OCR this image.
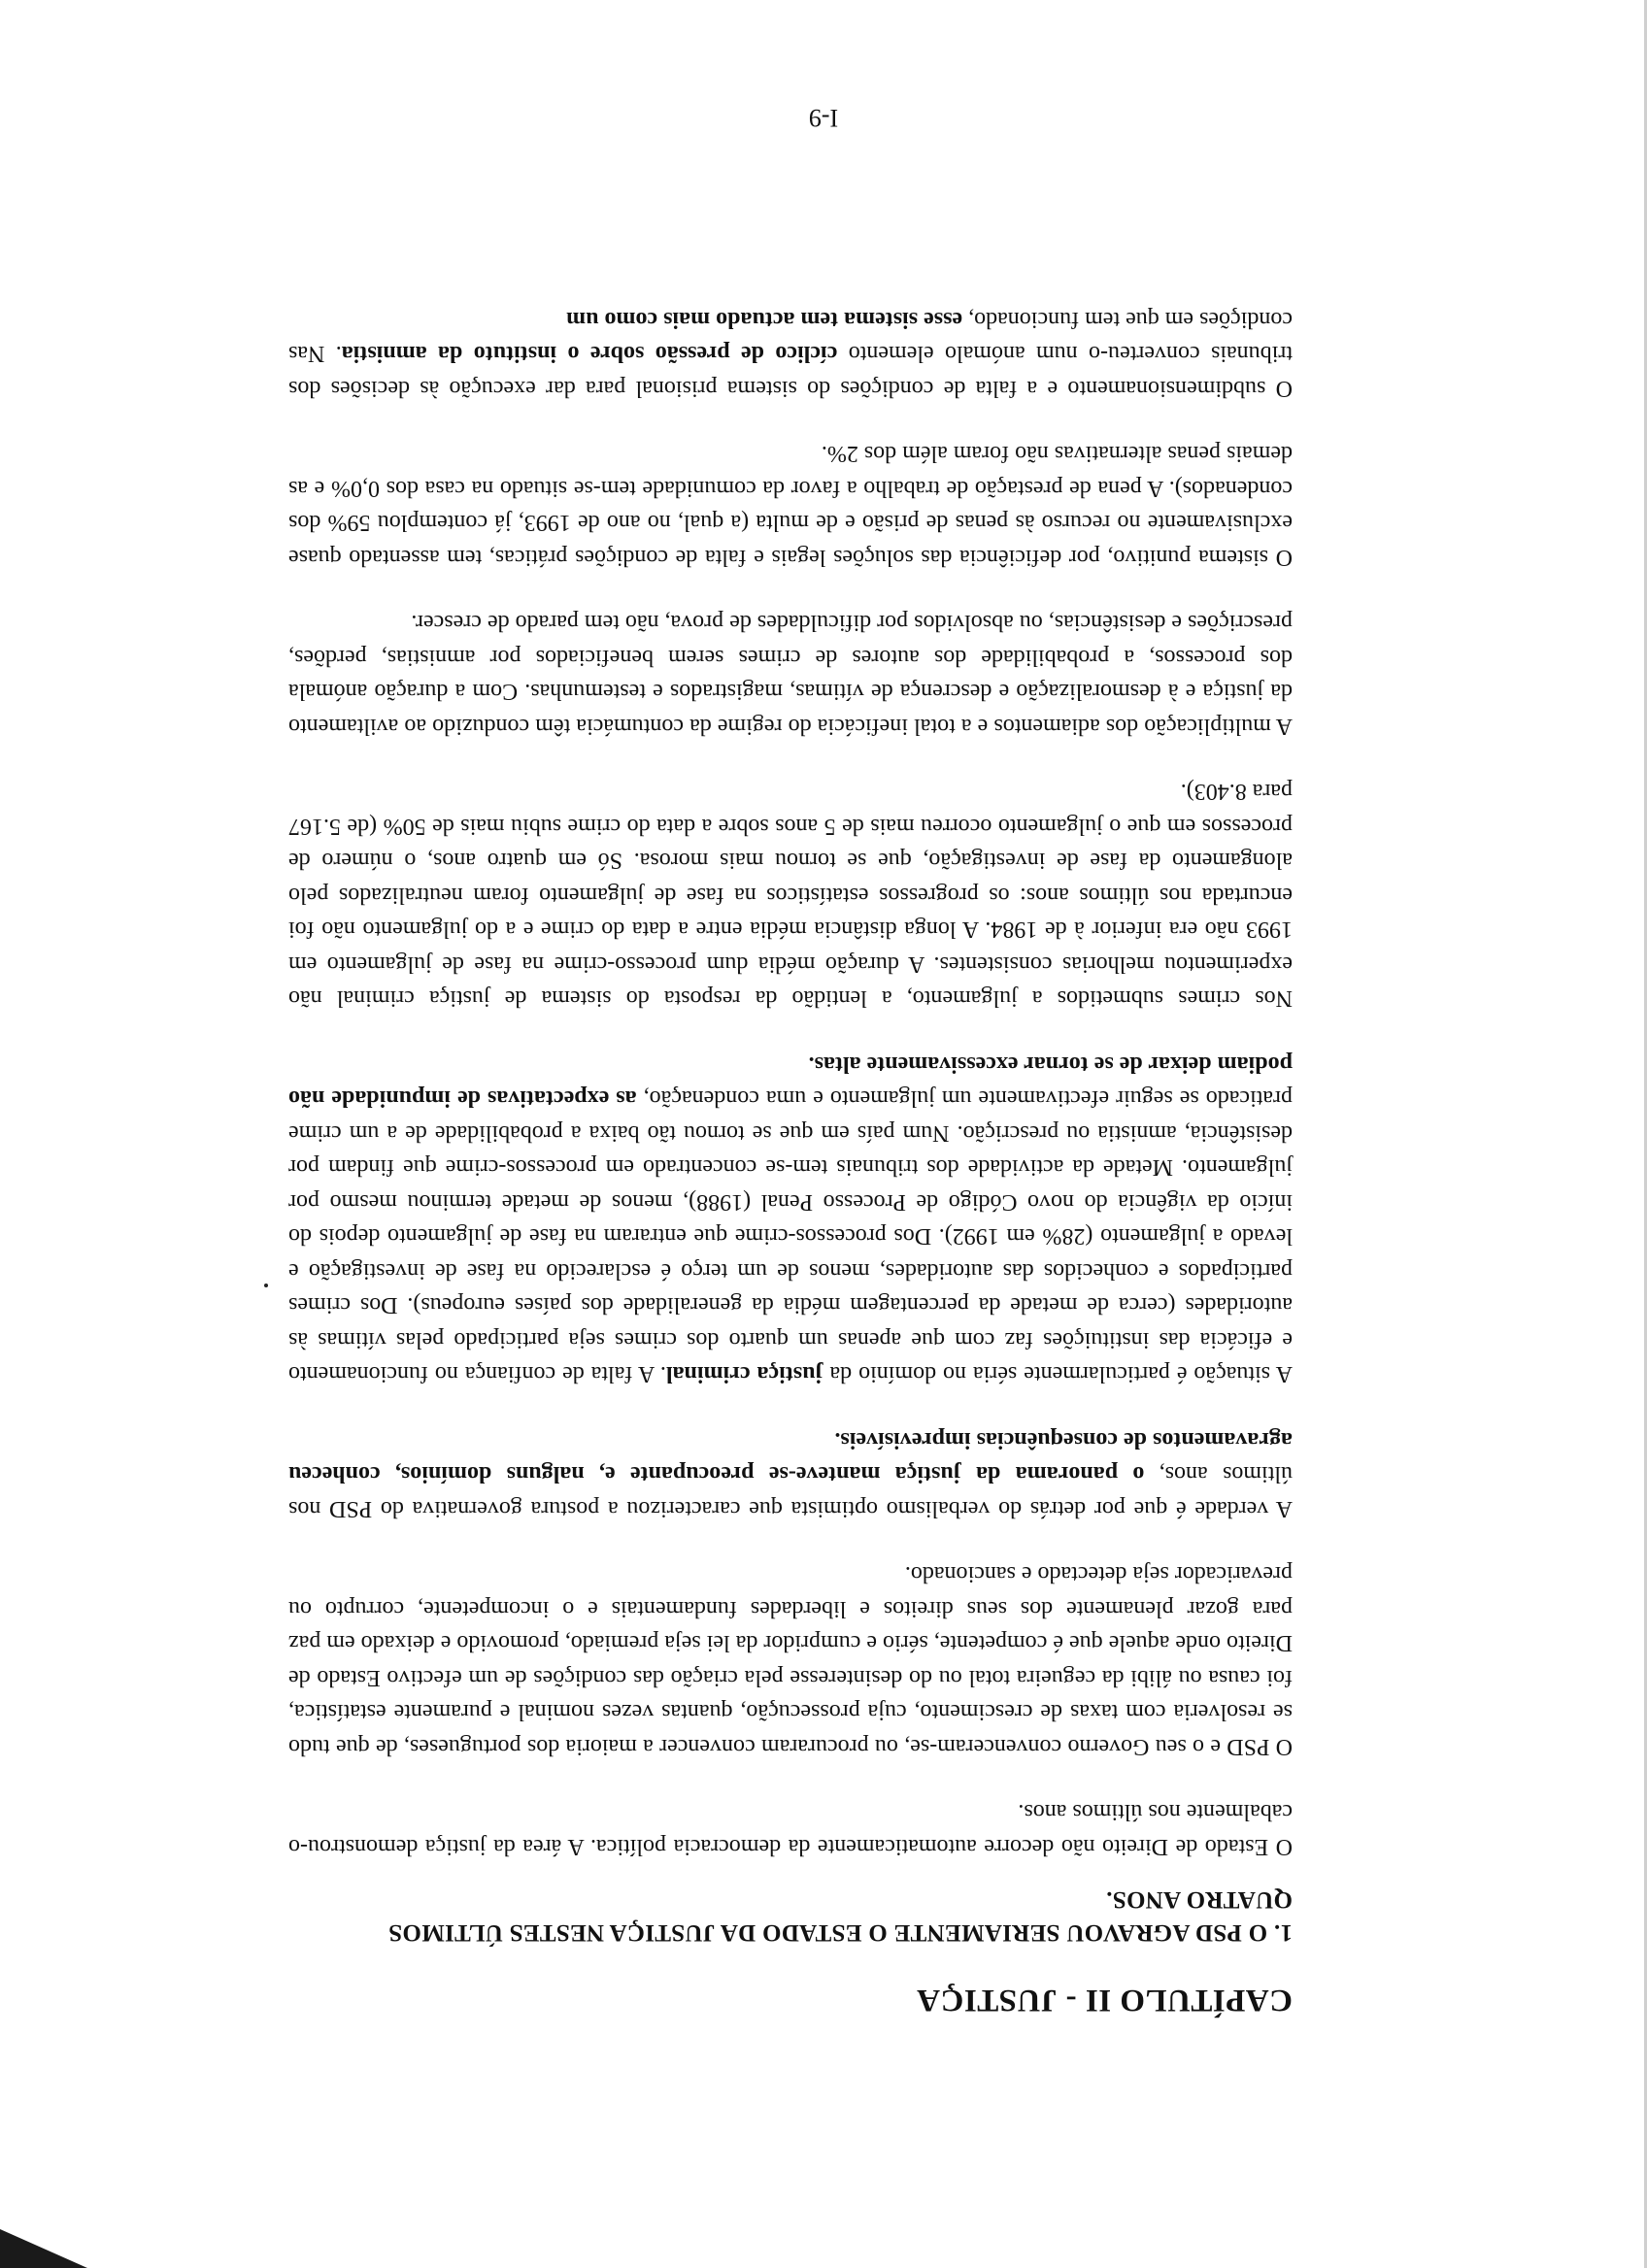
CAPÍTULO II - JUSTIÇA
1. O PSD AGRAVOU SERIAMENTE O ESTADO DA JUSTIÇA NESTES ÚLTIMOS
QUATRO ANOS.

O Estado de Direito não decorre automaticamente da democracia política. A área da justiça demonstrou-o cabalmente nos últimos anos.

O PSD e o seu Governo convenceram-se, ou procuraram convencer a maioria dos portugueses, de que tudo se resolveria com taxas de crescimento, cuja prossecução, quantas vezes nominal e puramente estatística, foi causa ou álibi da cegueira total ou do desinteresse pela criação das condições de um efectivo Estado de Direito onde aquele que é competente, sério e cumpridor da lei seja premiado, promovido e deixado em paz para gozar plenamente dos seus direitos e liberdades fundamentais e o incompetente, corrupto ou prevaricador seja detectado e sancionado.

A verdade é que por detrás do verbalismo optimista que caracterizou a postura governativa do PSD nos últimos anos, o panorama da justiça manteve-se preocupante e, nalguns domínios, conheceu agravamentos de consequências imprevisíveis.

A situação é particularmente séria no domínio da justiça criminal. A falta de confiança no funcionamento e eficácia das instituições faz com que apenas um quarto dos crimes seja participado pelas vítimas às autoridades (cerca de metade da percentagem média da generalidade dos países europeus). Dos crimes participados e conhecidos das autoridades, menos de um terço é esclarecido na fase de investigação e levado a julgamento (28% em 1992). Dos processos-crime que entraram na fase de julgamento depois do início da vigência do novo Código de Processo Penal (1988), menos de metade terminou mesmo por julgamento. Metade da actividade dos tribunais tem-se concentrado em processos-crime que findam por desistência, amnistia ou prescrição. Num país em que se tornou tão baixa a probabilidade de a um crime praticado se seguir efectivamente um julgamento e uma condenação, as expectativas de impunidade não podiam deixar de se tornar excessivamente altas.

Nos crimes submetidos a julgamento, a lentidão da resposta do sistema de justiça criminal não experimentou melhorias consistentes. A duração média dum processo-crime na fase de julgamento em 1993 não era inferior à de 1984. A longa distância média entre a data do crime e a do julgamento não foi encurtada nos últimos anos: os progressos estatísticos na fase de julgamento foram neutralizados pelo alongamento da fase de investigação, que se tornou mais morosa. Só em quatro anos, o número de processos em que o julgamento ocorreu mais de 5 anos sobre a data do crime subiu mais de 50% (de 5.167 para 8.403).

A multiplicação dos adiamentos e a total ineficácia do regime da contumácia têm conduzido ao aviltamento da justiça e à desmoralização e descrença de vítimas, magistrados e testemunhas. Com a duração anómala dos processos, a probabilidade dos autores de crimes serem beneficiados por amnistias, perdões, prescrições e desistências, ou absolvidos por dificuldades de prova, não tem parado de crescer.

O sistema punitivo, por deficiência das soluções legais e falta de condições práticas, tem assentado quase exclusivamente no recurso às penas de prisão e de multa (a qual, no ano de 1993, já contemplou 59% dos condenados). A pena de prestação de trabalho a favor da comunidade tem-se situado na casa dos 0,0% e as demais penas alternativas não foram além dos 2%.

O subdimensionamento e a falta de condições do sistema prisional para dar execução às decisões dos tribunais converteu-o num anómalo elemento cíclico de pressão sobre o instituto da amnistia. Nas condições em que tem funcionado, esse sistema tem actuado mais como um

I-9
